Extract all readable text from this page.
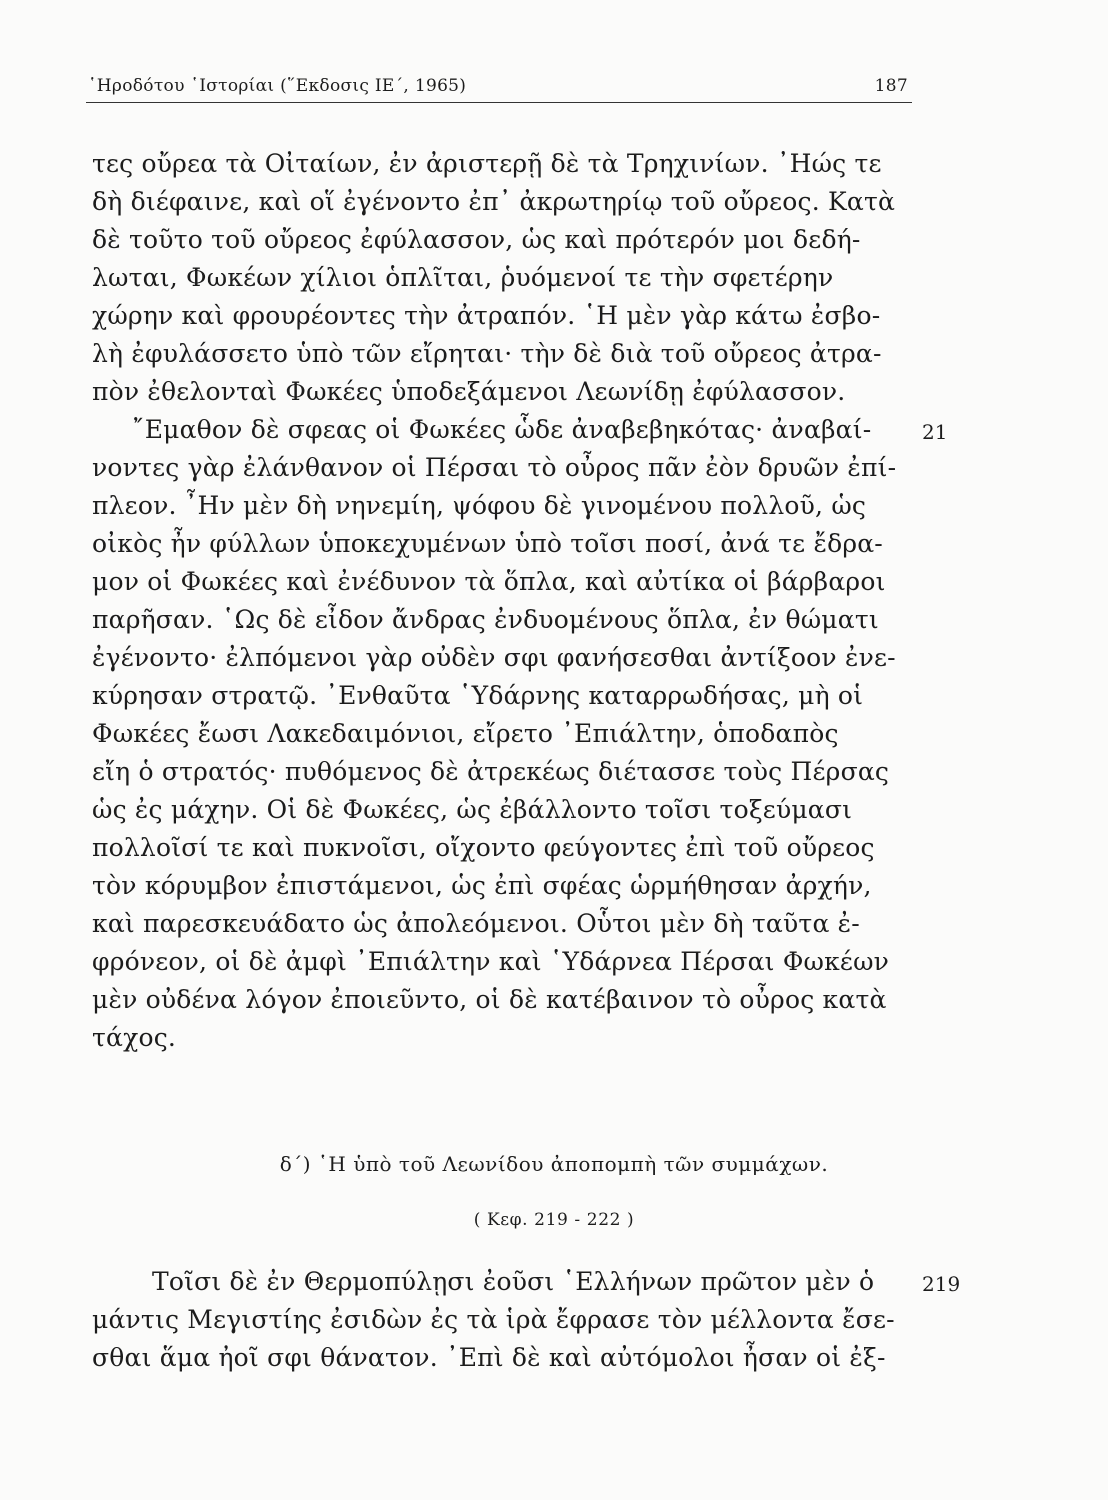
῾Ηροδότου ῾Ιστορίαι (῞Εκδοσις ΙΕ΄, 1965)	187
τες οὔρεα τὰ Οἰταίων, ἐν ἀριστερῇ δὲ τὰ Τρηχινίων. ᾽Ηώς τε
δὴ διέφαινε, καὶ οἵ ἐγένοντο ἐπ᾽ ἀκρωτηρίῳ τοῦ οὔρεος. Κατὰ
δὲ τοῦτο τοῦ οὔρεος ἐφύλασσον, ὡς καὶ πρότερόν μοι δεδή-
λωται, Φωκέων χίλιοι ὁπλῖται, ῥυόμενοί τε τὴν σφετέρην
χώρην καὶ φρουρέοντες τὴν ἀτραπόν. ῾Η μὲν γὰρ κάτω ἐσβο-
λὴ ἐφυλάσσετο ὑπὸ τῶν εἴρηται· τὴν δὲ διὰ τοῦ οὔρεος ἀτρα-
πὸν ἐθελονταὶ Φωκέες ὑποδεξάμενοι Λεωνίδῃ ἐφύλασσον.
῎Εμαθον δὲ σφεας οἱ Φωκέες ὧδε ἀναβεβηκότας· ἀναβαί-
νοντες γὰρ ἐλάνθανον οἱ Πέρσαι τὸ οὖρος πᾶν ἐὸν δρυῶν ἐπί-
πλεον. ῏Ην μὲν δὴ νηνεμίη, ψόφου δὲ γινομένου πολλοῦ, ὡς
οἰκὸς ἦν φύλλων ὑποκεχυμένων ὑπὸ τοῖσι ποσί, ἀνά τε ἔδρα-
μον οἱ Φωκέες καὶ ἐνέδυνον τὰ ὅπλα, καὶ αὐτίκα οἱ βάρβαροι
παρῆσαν. ῾Ως δὲ εἶδον ἄνδρας ἐνδυομένους ὅπλα, ἐν θώματι
ἐγένοντο· ἐλπόμενοι γὰρ οὐδὲν σφι φανήσεσθαι ἀντίξοον ἐνε-
κύρησαν στρατῷ. ᾽Ενθαῦτα ῾Υδάρνης καταρρωδήσας, μὴ οἱ
Φωκέες ἔωσι Λακεδαιμόνιοι, εἴρετο ᾽Επιάλτην, ὁποδαπὸς
εἴη ὁ στρατός· πυθόμενος δὲ ἀτρεκέως διέτασσε τοὺς Πέρσας
ὡς ἐς μάχην. Οἱ δὲ Φωκέες, ὡς ἐβάλλοντο τοῖσι τοξεύμασι
πολλοῖσί τε καὶ πυκνοῖσι, οἴχοντο φεύγοντες ἐπὶ τοῦ οὔρεος
τὸν κόρυμβον ἐπιστάμενοι, ὡς ἐπὶ σφέας ὡρμήθησαν ἀρχήν,
καὶ παρεσκευάδατο ὡς ἀπολεόμενοι. Οὗτοι μὲν δὴ ταῦτα ἐ-
φρόνεον, οἱ δὲ ἀμφὶ ᾽Επιάλτην καὶ ῾Υδάρνεα Πέρσαι Φωκέων
μὲν οὐδένα λόγον ἐποιεῦντο, οἱ δὲ κατέβαινον τὸ οὖρος κατὰ
τάχος.
21
δ΄) ῾Η ὑπὸ τοῦ Λεωνίδου ἀποπομπὴ τῶν συμμάχων.
( Κεφ. 219 - 222 )
Τοῖσι δὲ ἐν Θερμοπύλῃσι ἐοῦσι ῾Ελλήνων πρῶτον μὲν ὁ
μάντις Μεγιστίης ἐσιδὼν ἐς τὰ ἱρὰ ἔφρασε τὸν μέλλοντα ἔσε-
σθαι ἅμα ἠοῖ σφι θάνατον. ᾽Επὶ δὲ καὶ αὐτόμολοι ἦσαν οἱ ἐξ-
219
